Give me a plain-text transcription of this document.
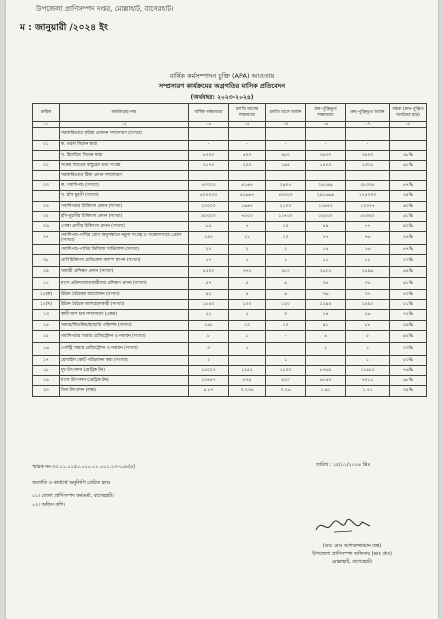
উপজেলা প্রাণিসম্পদ দপ্তর, মোল্লাহাট, বাগেরহাট।
ম : জানুয়ারী /২০২৪ ইং
বার্ষিক কর্মসম্পাদন চুক্তি (APA) আওতায়
সম্প্রসারণ কার্যক্রমের অগ্রগতির মাসিক প্রতিবেদন
(অর্থবছর: ২০২৩-২০২৪)
ক্রমিক	কার্যক্রমের নাম	বার্ষিক লক্ষ্যমাত্রা	চলতি মাসের লক্ষ্যমাত্রা	চলতি মাসে অর্জন	ক্রম-পুঞ্জিভূত লক্ষ্যমাত্রা	ক্রম-পুঞ্জিভূত অর্জন	মন্তব্য (ক্রম-পুঞ্জিত অর্জনের হার)
০১	০২	০৩	০৪	০৫	০৬	০৭	০৮
	সরকারিভাবে কৃত্রিম প্রজনন সম্প্রসারণ (সংখ্যা)						
০১	ক. তরল সিমেন দ্বারা	-	-	-	-	-	
	খ. হিমায়িত সিমেন দ্বারা	৮০০০	৫০০	৪৮০	৩৫৩০	৩৪০০	৪৮%
০২	সংকর জাতের বাছুরের তথ্য সংগ্রহ	২১৭০	২০০	১৯৫	১৪০০	১৩৩২	৬১%
	সরকারিভাবে টিকা প্রদান সম্প্রসারণ						
০৩	ক. গবাদিপশু (সংখ্যা)	৫০০০০	৪১৬৭	২৯০৫	২৯১৬৯	২৮৩৩৫	৫৭%
	খ. হাঁস-মুরগী (সংখ্যা)	৫০০০০০	৪১৬৬৭	৪০০০০	২৯১৬৬৯	১৭৫০০০	৩৫%
০৪	গবাদিপশুর চিকিৎসা প্রদান (সংখ্যা)	২০০০০	১৬৬৭	২১০০	১১৬৭০	১২০৭৭	৬০%
০৫	হাঁস-মুরগীর চিকিৎসা প্রদান (সংখ্যা)	৯০০০০	৭৫০০	১১৭০০	৫২৫০০	৫৫৩৪০	৬১%
০৬	পোষা প্রাণীর চিকিৎসা প্রদান (সংখ্যা)	৮৫	৭	১০	৪৯	৭৭	৯০%
০৭	গবাদিপশু-পাখির রোগ অনুসন্ধানে নমুনা সংগ্রহ ও গবেষণাগারে প্রেরণ (সংখ্যা)	১৪০	১১	১০	৭৭	৭৬	৫৪%
	গবাদিপশু-পাখির ডিজিজ সার্ভিলেন্স (সংখ্যা)	২৮	২	২	১৪	১৬	৫৭%
০৮	প্রাণিচিকিৎসা মেডিকেল ক্যাম্প স্থাপন (সংখ্যা)	১৭	১	১	১১	১২	৭০%
০৯	খামারী প্রশিক্ষণ প্রদান (সংখ্যা)	৪৫০০	৩৭৫	৪৮০	২৬২৫	২৮৯৬	৬৪%
১১	মাংস প্রক্রিয়াজাতকারীদের প্রশিক্ষণ প্রদান (সংখ্যা)	৫৭	৫	৪	৩৫	৩৫	৬১%
১২(ক)	উঠান বৈঠকের আয়োজন (সংখ্যা)	৯২	৫	৬	৩৬	৩৭	৪০%
১২(খ)	উঠান বৈঠকে অংশগ্রহণকারী (সংখ্যা)	১৮৪০	১০০	১২০	১২৯৫	১৪৯০	৮১%
১৩	স্থায়ী ঘাস চাষ সম্প্রসারণ (একর)	২২	২	৩	১৪	১৬	৭২%
১৪	খামার/ফিডমিল/হ্যাচারি পরিদর্শন (সংখ্যা)	১৪৮	১৩	১০	৯১	৮৮	৫৯%
১৫	গবাদিপশুর খামার রেজিস্ট্রেশন ও নবায়ন (সংখ্যা)	৮	১	-	৪	৫	৬২%
১৬	পোল্ট্রি খামার রেজিস্ট্রেশন ও নবায়ন (সংখ্যা)	৩	১		২	১	৩৩%
১৭	মোবাইল কোর্ট পরিচালনা করা (সংখ্যা)	২		১		১	৫০%
১৮	দুধ উৎপাদন (মেট্রিক টন)	১৫০২৭	১২৫২	১৮০০	৮৭৬৪	১১৪৮০	৭৬%
১৯	মাংস উৎপাদন (মেট্রিক টন)	১০৪৫৭	৮৭৯	৯২০	৬১৫৩	৭০১১	৬৮%
২০	ডিম উৎপাদন (লক্ষ)	৪.৮৭	০.২৩৬	০.২৬	১.৬১	১.৭১	৩৫%
স্মারক নং-৩৩.০১.০১৫০.০০০.০১.০০১.২৩-০০৮(৫)	তারিখ : ১৫/০১/২০২৪ খ্রিঃ
অবগতি ও কার্যার্থে অনুলিপি প্রেরিত হলঃ
০১। জেলা প্রাণিসম্পদ কর্মকর্তা, বাগেরহাট।
০২। অফিস কপি।
(ডাঃ মোঃ আশারুজ্জামান তন্ত)
উপজেলা প্রাণিসম্পদ অফিসার (ভাঃ প্রাঃ)
মোল্লাহাট, বাগেরহাট।
